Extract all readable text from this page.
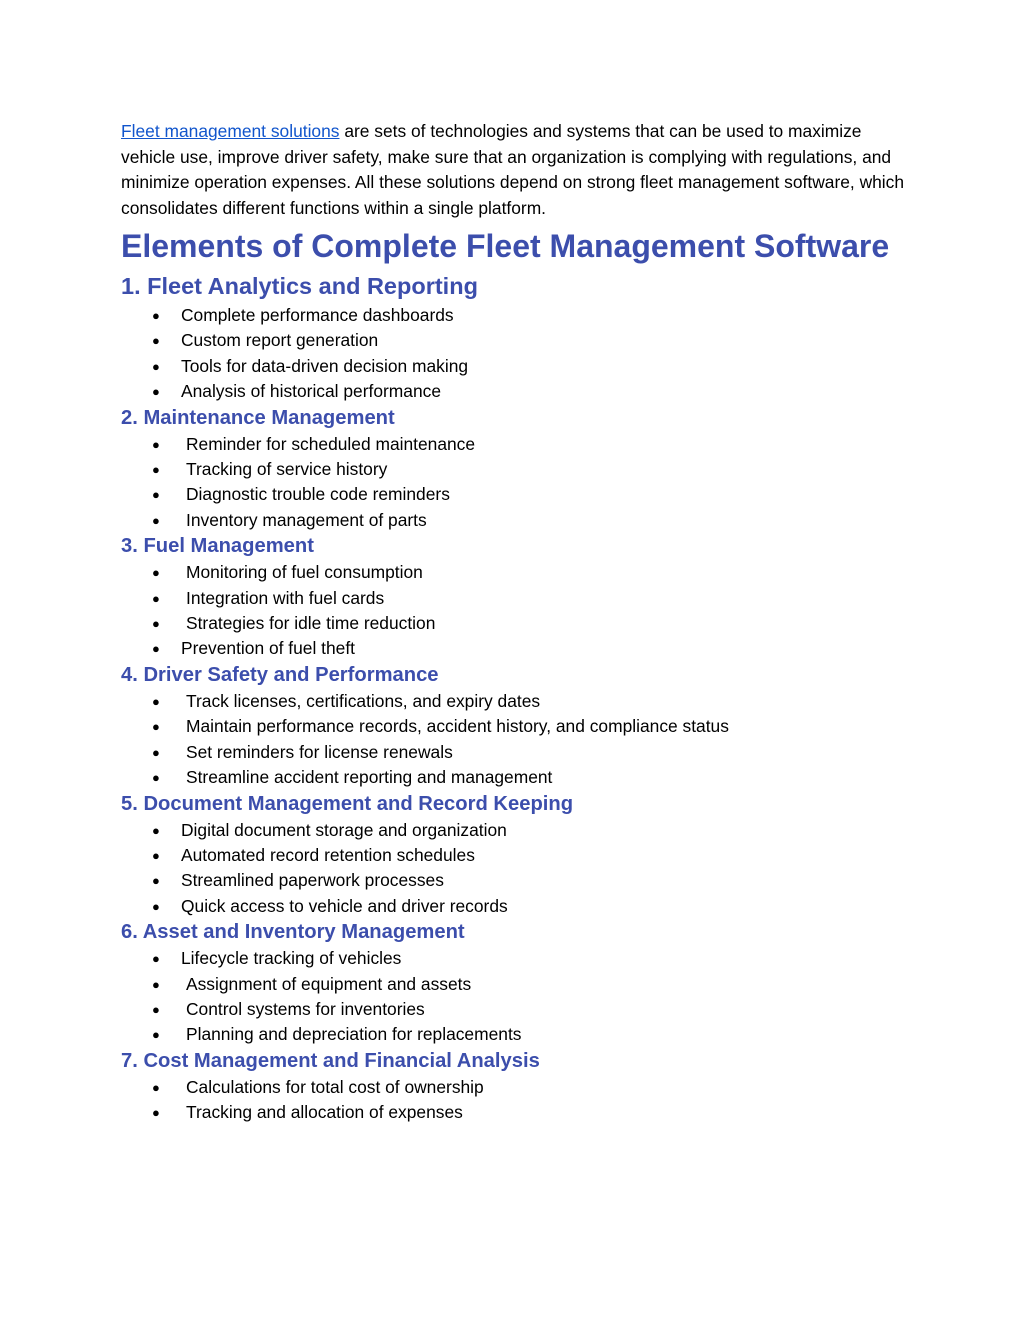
Fleet management solutions are sets of technologies and systems that can be used to maximize vehicle use, improve driver safety, make sure that an organization is complying with regulations, and minimize operation expenses. All these solutions depend on strong fleet management software, which consolidates different functions within a single platform.

Elements of Complete Fleet Management Software
1. Fleet Analytics and Reporting
● Complete performance dashboards
● Custom report generation
● Tools for data-driven decision making
● Analysis of historical performance
2. Maintenance Management
● Reminder for scheduled maintenance
● Tracking of service history
● Diagnostic trouble code reminders
● Inventory management of parts
3. Fuel Management
● Monitoring of fuel consumption
● Integration with fuel cards
● Strategies for idle time reduction
● Prevention of fuel theft
4. Driver Safety and Performance
● Track licenses, certifications, and expiry dates
● Maintain performance records, accident history, and compliance status
● Set reminders for license renewals
● Streamline accident reporting and management
5. Document Management and Record Keeping
● Digital document storage and organization
● Automated record retention schedules
● Streamlined paperwork processes
● Quick access to vehicle and driver records
6. Asset and Inventory Management
● Lifecycle tracking of vehicles
● Assignment of equipment and assets
● Control systems for inventories
● Planning and depreciation for replacements
7. Cost Management and Financial Analysis
● Calculations for total cost of ownership
● Tracking and allocation of expenses
